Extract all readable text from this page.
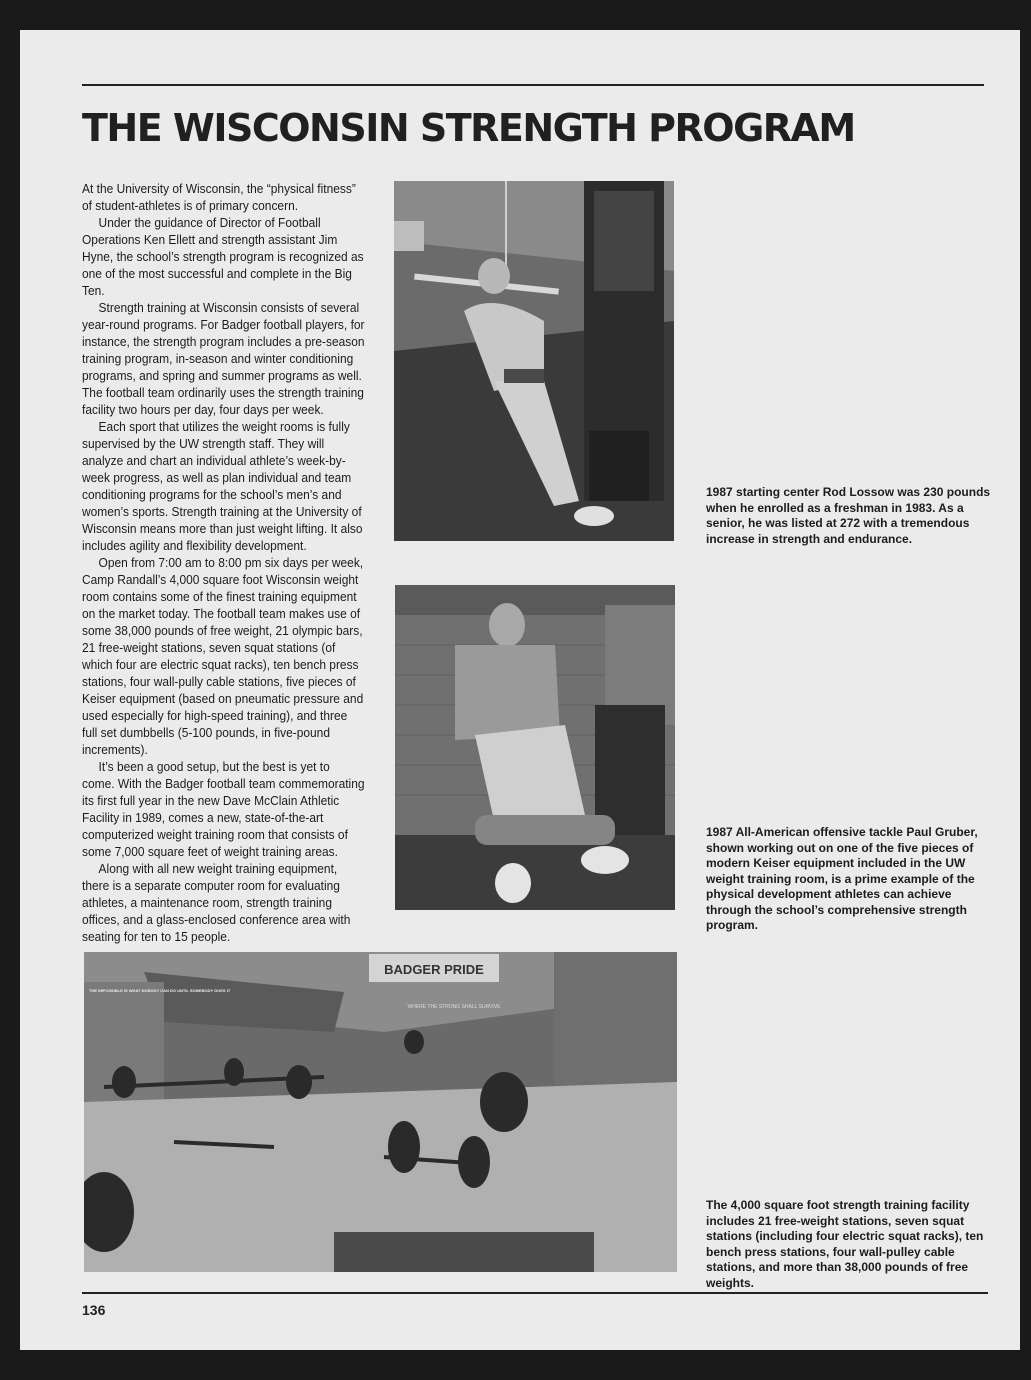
THE WISCONSIN STRENGTH PROGRAM

At the University of Wisconsin, the “physical fitness” of student-athletes is of primary concern.

Under the guidance of Director of Football Operations Ken Ellett and strength assistant Jim Hyne, the school’s strength program is recognized as one of the most successful and complete in the Big Ten.

Strength training at Wisconsin consists of several year-round programs. For Badger football players, for instance, the strength program includes a pre-season training program, in-season and winter conditioning programs, and spring and summer programs as well. The football team ordinarily uses the strength training facility two hours per day, four days per week.

Each sport that utilizes the weight rooms is fully supervised by the UW strength staff. They will analyze and chart an individual athlete’s week-by-week progress, as well as plan individual and team conditioning programs for the school’s men’s and women’s sports. Strength training at the University of Wisconsin means more than just weight lifting. It also includes agility and flexibility development.

Open from 7:00 am to 8:00 pm six days per week, Camp Randall’s 4,000 square foot Wisconsin weight room contains some of the finest training equipment on the market today. The football team makes use of some 38,000 pounds of free weight, 21 olympic bars, 21 free-weight stations, seven squat stations (of which four are electric squat racks), ten bench press stations, four wall-pully cable stations, five pieces of Keiser equipment (based on pneumatic pressure and used especially for high-speed training), and three full set dumbbells (5-100 pounds, in five-pound increments).

It’s been a good setup, but the best is yet to come. With the Badger football team commemorating its first full year in the new Dave McClain Athletic Facility in 1989, comes a new, state-of-the-art computerized weight training room that consists of some 7,000 square feet of weight training areas.

Along with all new weight training equipment, there is a separate computer room for evaluating athletes, a maintenance room, strength training offices, and a glass-enclosed conference area with seating for ten to 15 people.

1987 starting center Rod Lossow was 230 pounds when he enrolled as a freshman in 1983. As a senior, he was listed at 272 with a tremendous increase in strength and endurance.
1987 All-American offensive tackle Paul Gruber, shown working out on one of the five pieces of modern Keiser equipment included in the UW weight training room, is a prime example of the physical development athletes can achieve through the school’s comprehensive strength program.
BADGER PRIDE
WHERE THE STRONG SHALL SURVIVE
THE IMPOSSIBLE IS WHAT NOBODY CAN DO UNTIL SOMEBODY DOES IT
The 4,000 square foot strength training facility includes 21 free-weight stations, seven squat stations (including four electric squat racks), ten bench press stations, four wall-pulley cable stations, and more than 38,000 pounds of free weights.
136
